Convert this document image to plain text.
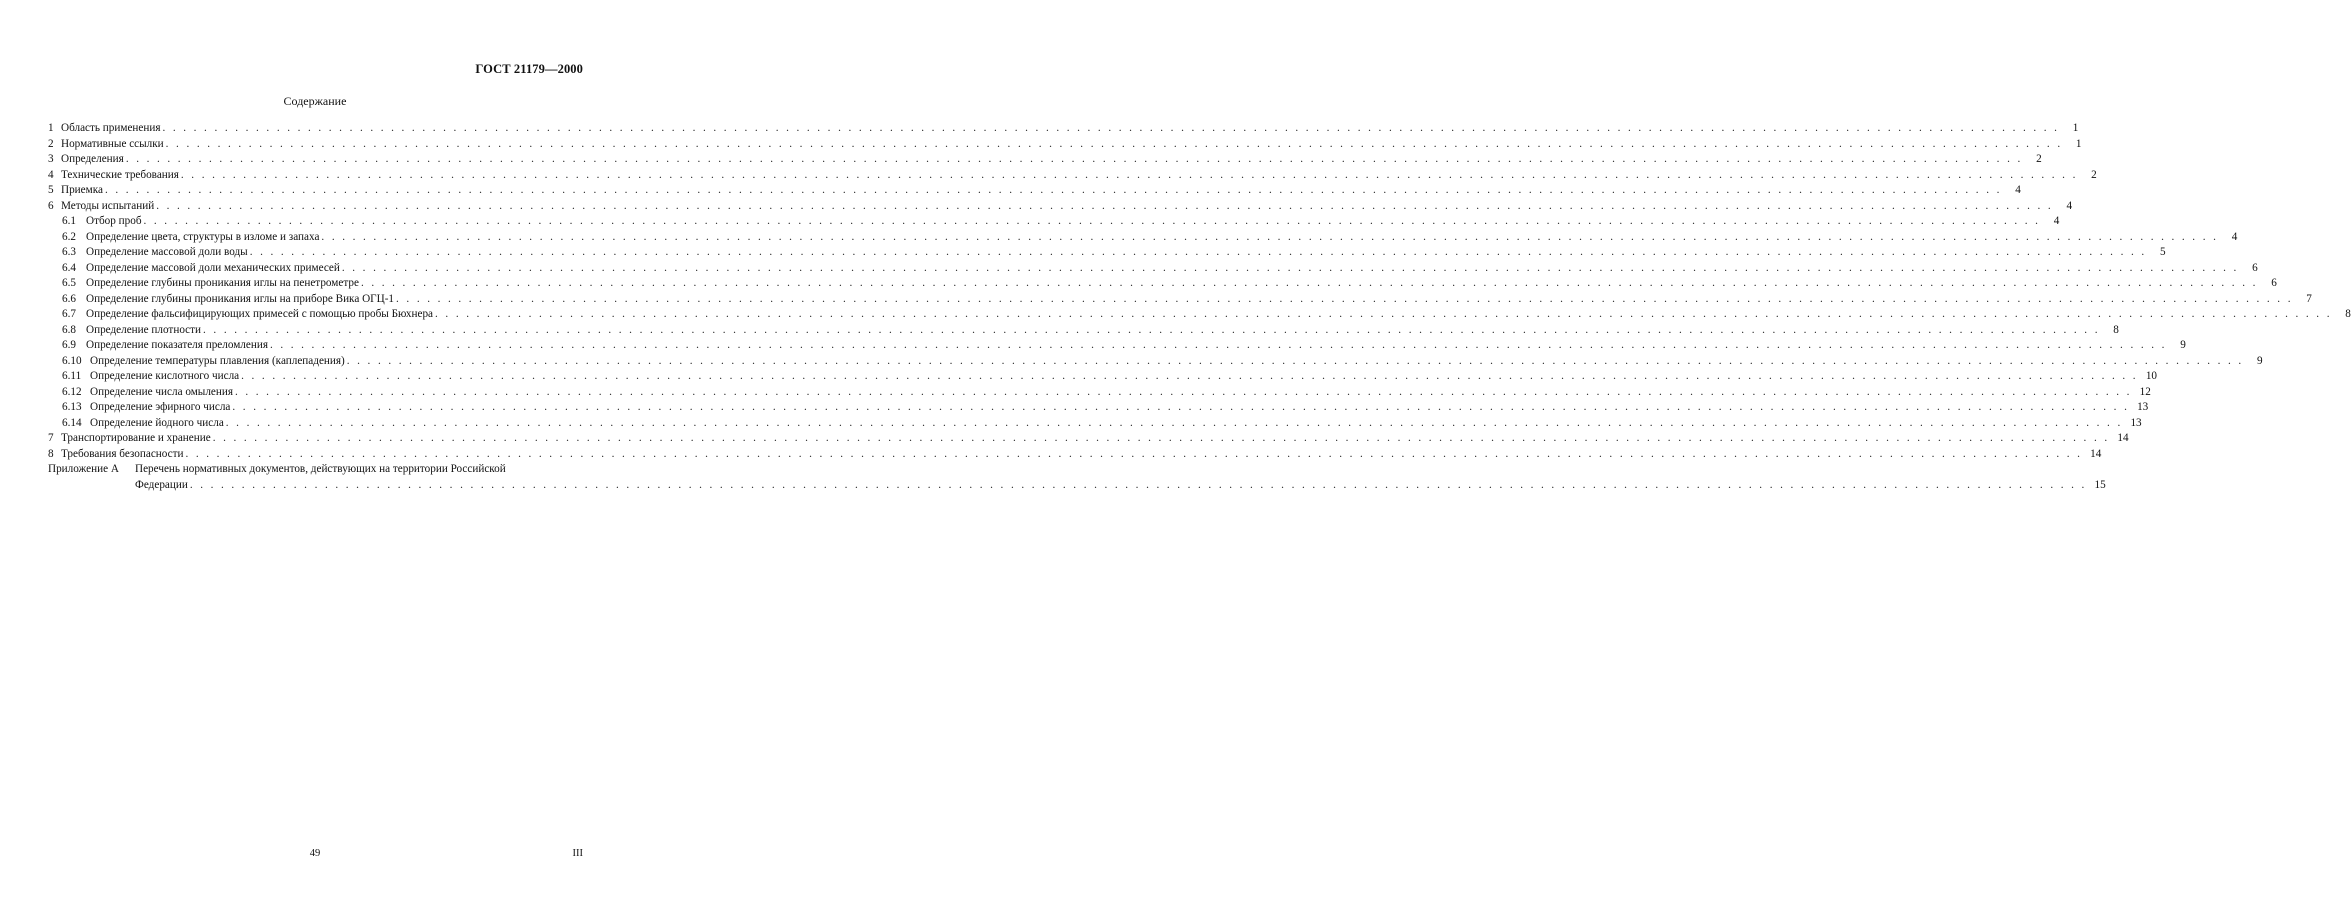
ГОСТ 21179—2000
Содержание
1 Область применения . . .	1
2 Нормативные ссылки . . .	1
3 Определения . . .	2
4 Технические требования . . .	2
5 Приемка . . .	4
6 Методы испытаний . . .	4
6.1 Отбор проб . . .	4
6.2 Определение цвета, структуры в изломе и запаха . . .	4
6.3 Определение массовой доли воды . . .	5
6.4 Определение массовой доли механических примесей . . .	6
6.5 Определение глубины проникания иглы на пенетрометре . . .	6
6.6 Определение глубины проникания иглы на приборе Вика ОГЦ-1 . . .	7
6.7 Определение фальсифицирующих примесей с помощью пробы Бюхнера . . .	8
6.8 Определение плотности . . .	8
6.9 Определение показателя преломления . . .	9
6.10 Определение температуры плавления (каплепадения) . . .	9
6.11 Определение кислотного числа . . .	10
6.12 Определение числа омыления . . .	12
6.13 Определение эфирного числа . . .	13
6.14 Определение йодного числа . . .	13
7 Транспортирование и хранение . . .	14
8 Требования безопасности . . .	14
Приложение А	Перечень нормативных документов, действующих на территории Российской
Федерации . . .	15
49	III
